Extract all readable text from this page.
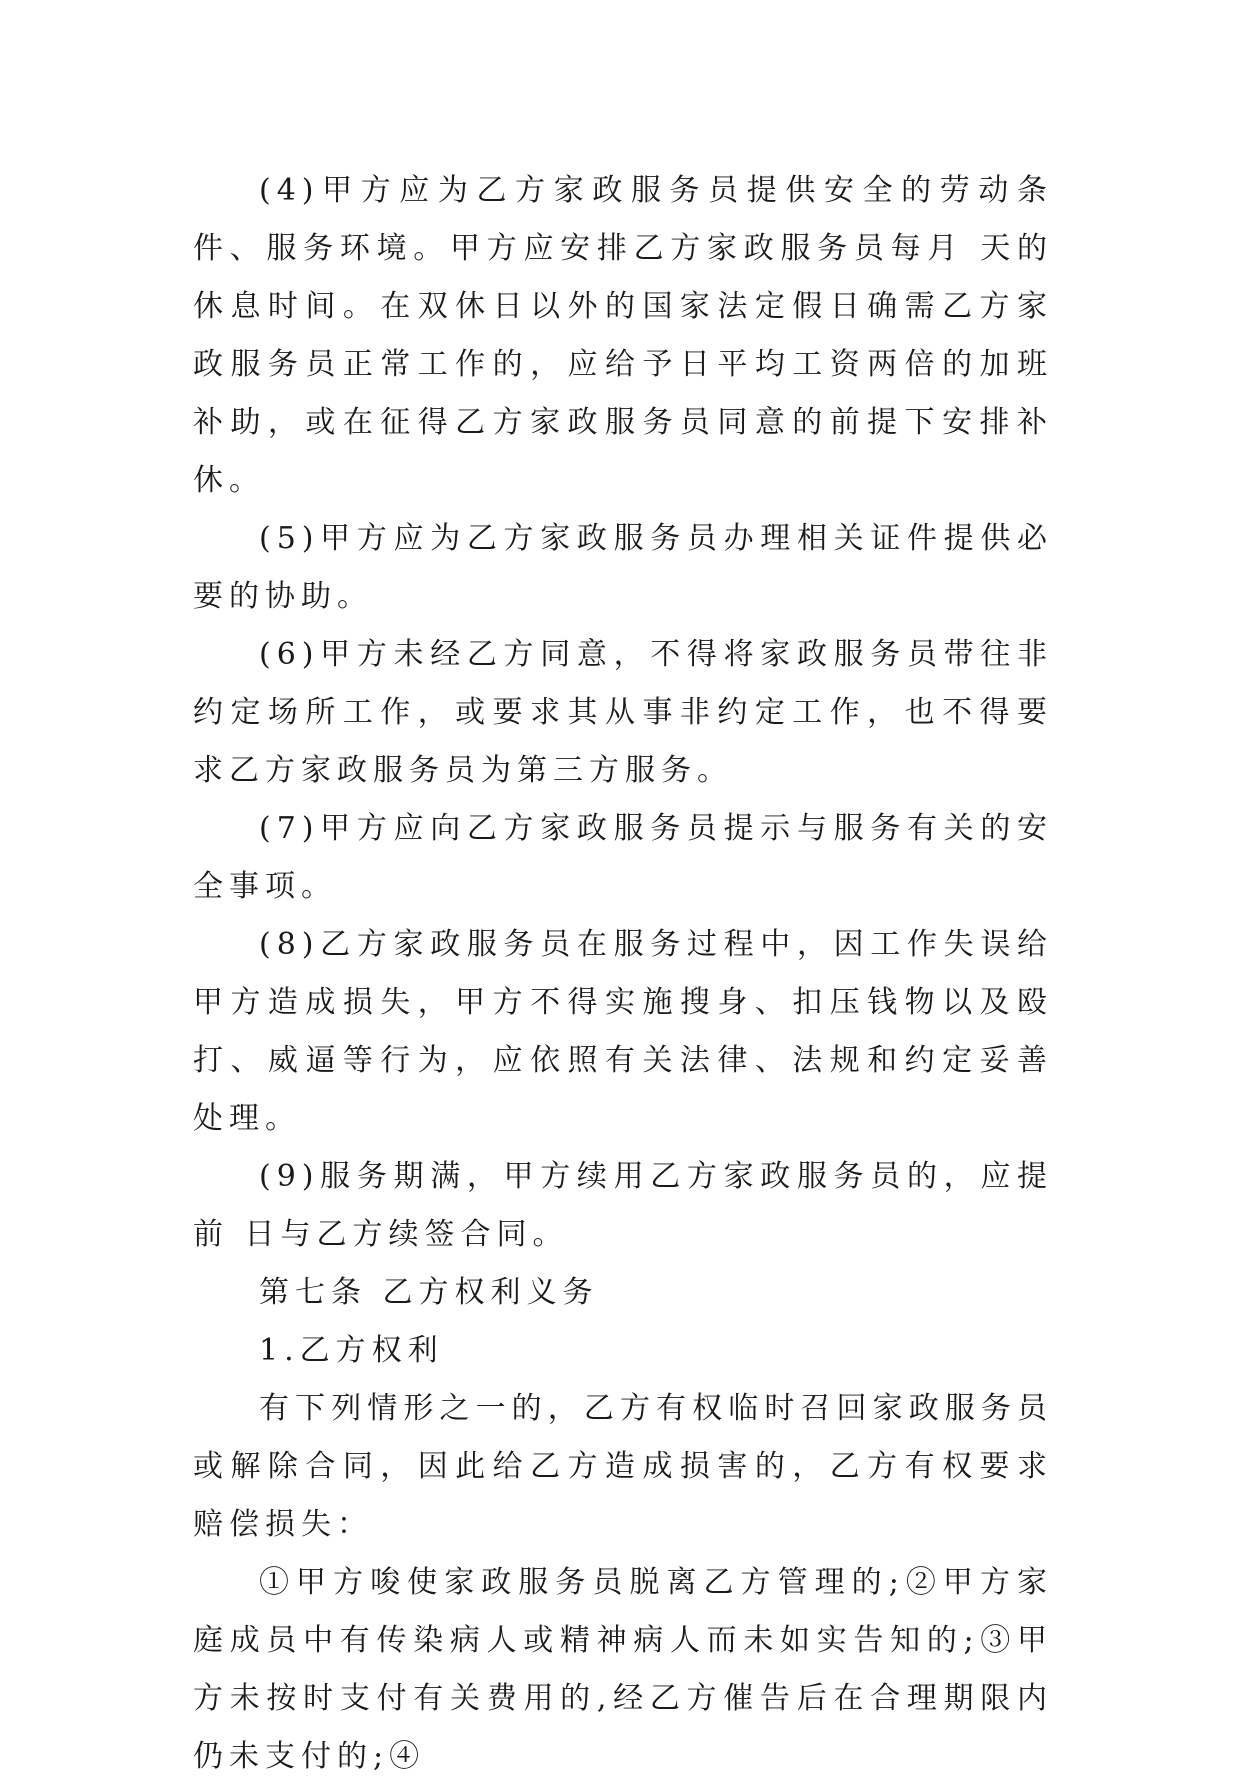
(4)甲方应为乙方家政服务员提供安全的劳动条件、服务环境。甲方应安排乙方家政服务员每月 天的休息时间。在双休日以外的国家法定假日确需乙方家政服务员正常工作的，应给予日平均工资两倍的加班补助，或在征得乙方家政服务员同意的前提下安排补休。

(5)甲方应为乙方家政服务员办理相关证件提供必要的协助。

(6)甲方未经乙方同意，不得将家政服务员带往非约定场所工作，或要求其从事非约定工作，也不得要求乙方家政服务员为第三方服务。

(7)甲方应向乙方家政服务员提示与服务有关的安全事项。

(8)乙方家政服务员在服务过程中，因工作失误给甲方造成损失，甲方不得实施搜身、扣压钱物以及殴打、威逼等行为，应依照有关法律、法规和约定妥善处理。

(9)服务期满，甲方续用乙方家政服务员的，应提前 日与乙方续签合同。

第七条 乙方权利义务

1.乙方权利

有下列情形之一的，乙方有权临时召回家政服务员或解除合同，因此给乙方造成损害的，乙方有权要求赔偿损失：

①甲方唆使家政服务员脱离乙方管理的;②甲方家庭成员中有传染病人或精神病人而未如实告知的;③甲方未按时支付有关费用的,经乙方催告后在合理期限内仍未支付的;④
